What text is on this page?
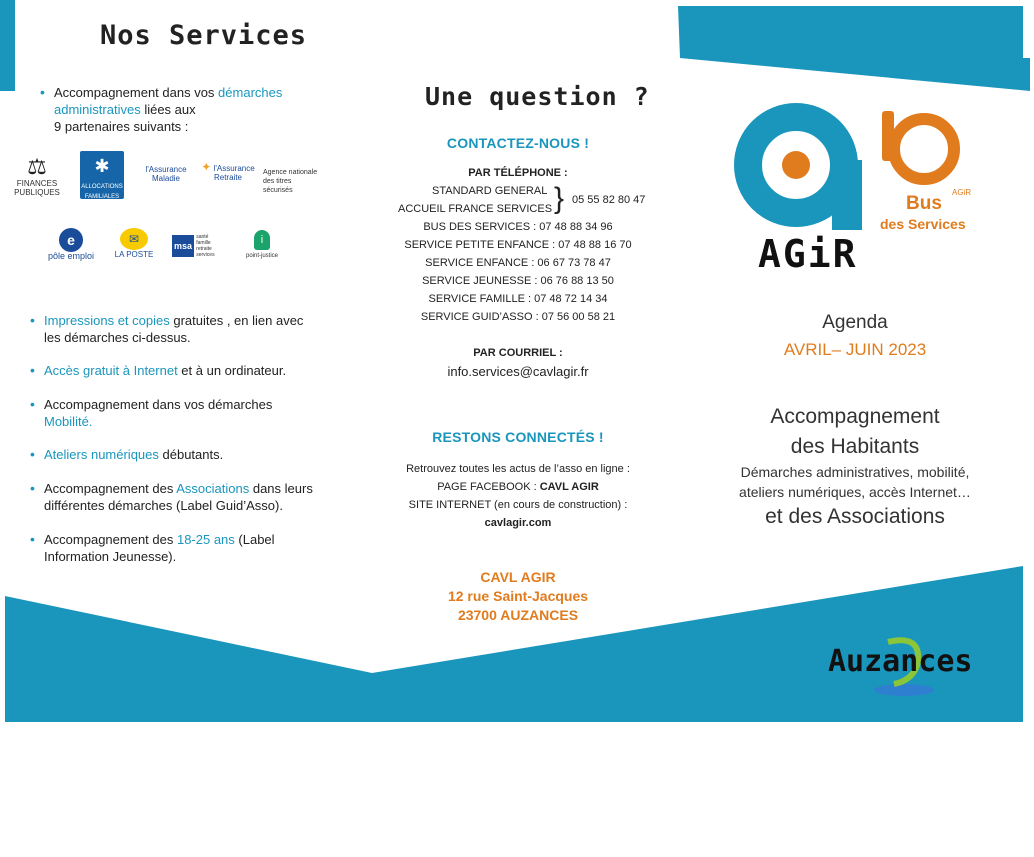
Nos Services
• Accompagnement dans vos démarches administratives liées aux
9 partenaires suivants :
⚖
FINANCES PUBLIQUES
✱
ALLOCATIONS FAMILIALES
l'Assurance Maladie
✦ l'Assurance Retraite
Agence nationale des titres sécurisés
e
pôle emploi
✉
LA POSTE
msa santé famille retraite services
i
point-justice
• Impressions et copies gratuites , en lien avec les démarches ci-dessus.
• Accès gratuit à Internet et à un ordinateur.
• Accompagnement dans vos démarches Mobilité.
• Ateliers numériques débutants.
• Accompagnement des Associations dans leurs différentes démarches (Label Guid’Asso).
• Accompagnement des 18-25 ans (Label Information Jeunesse).
Une question ?
CONTACTEZ-NOUS !
PAR TÉLÉPHONE :
STANDARD GENERAL
ACCUEIL FRANCE SERVICES } 05 55 82 80 47
BUS DES SERVICES : 07 48 88 34 96
SERVICE PETITE ENFANCE : 07 48 88 16 70
SERVICE ENFANCE : 06 67 73 78 47
SERVICE JEUNESSE : 06 76 88 13 50
SERVICE FAMILLE : 07 48 72 14 34
SERVICE GUID’ASSO : 07 56 00 58 21
PAR COURRIEL :
info.services@cavlagir.fr
RESTONS CONNECTÉS !
Retrouvez toutes les actus de l’asso en ligne :
PAGE FACEBOOK : CAVL AGIR
SITE INTERNET (en cours de construction) :
cavlagir.com
CAVL AGIR
12 rue Saint-Jacques
23700 AUZANCES
AGiR
AGiR
Bus
des Services
Agenda
AVRIL– JUIN 2023
Accompagnement
des Habitants
Démarches administratives, mobilité,
ateliers numériques, accès Internet…
et des Associations
Auzances
